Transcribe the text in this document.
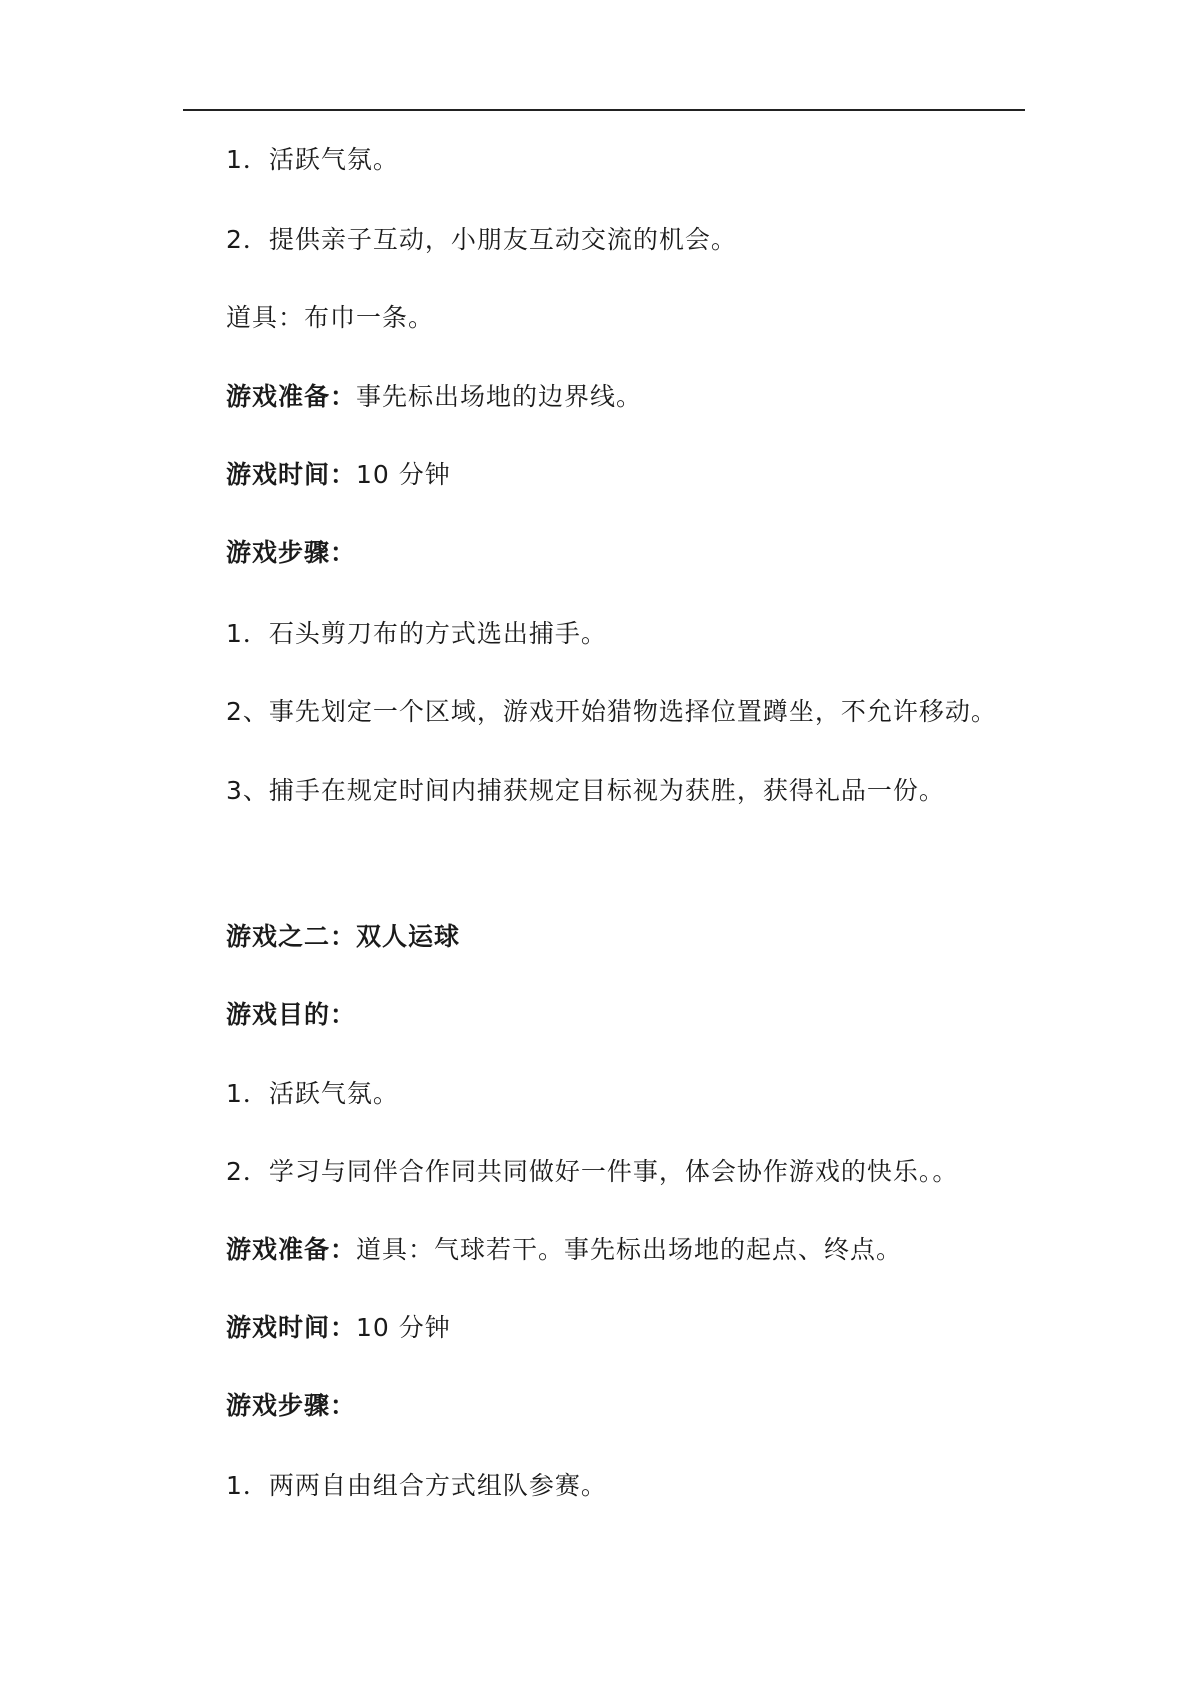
1．活跃气氛。
2．提供亲子互动，小朋友互动交流的机会。
道具：布巾一条。
游戏准备：事先标出场地的边界线。
游戏时间：10 分钟
游戏步骤：
1．石头剪刀布的方式选出捕手。
2、事先划定一个区域，游戏开始猎物选择位置蹲坐，不允许移动。
3、捕手在规定时间内捕获规定目标视为获胜，获得礼品一份。
游戏之二：双人运球
游戏目的：
1．活跃气氛。
2．学习与同伴合作同共同做好一件事，体会协作游戏的快乐。。
游戏准备：道具：气球若干。事先标出场地的起点、终点。
游戏时间：10 分钟
游戏步骤：
1．两两自由组合方式组队参赛。
